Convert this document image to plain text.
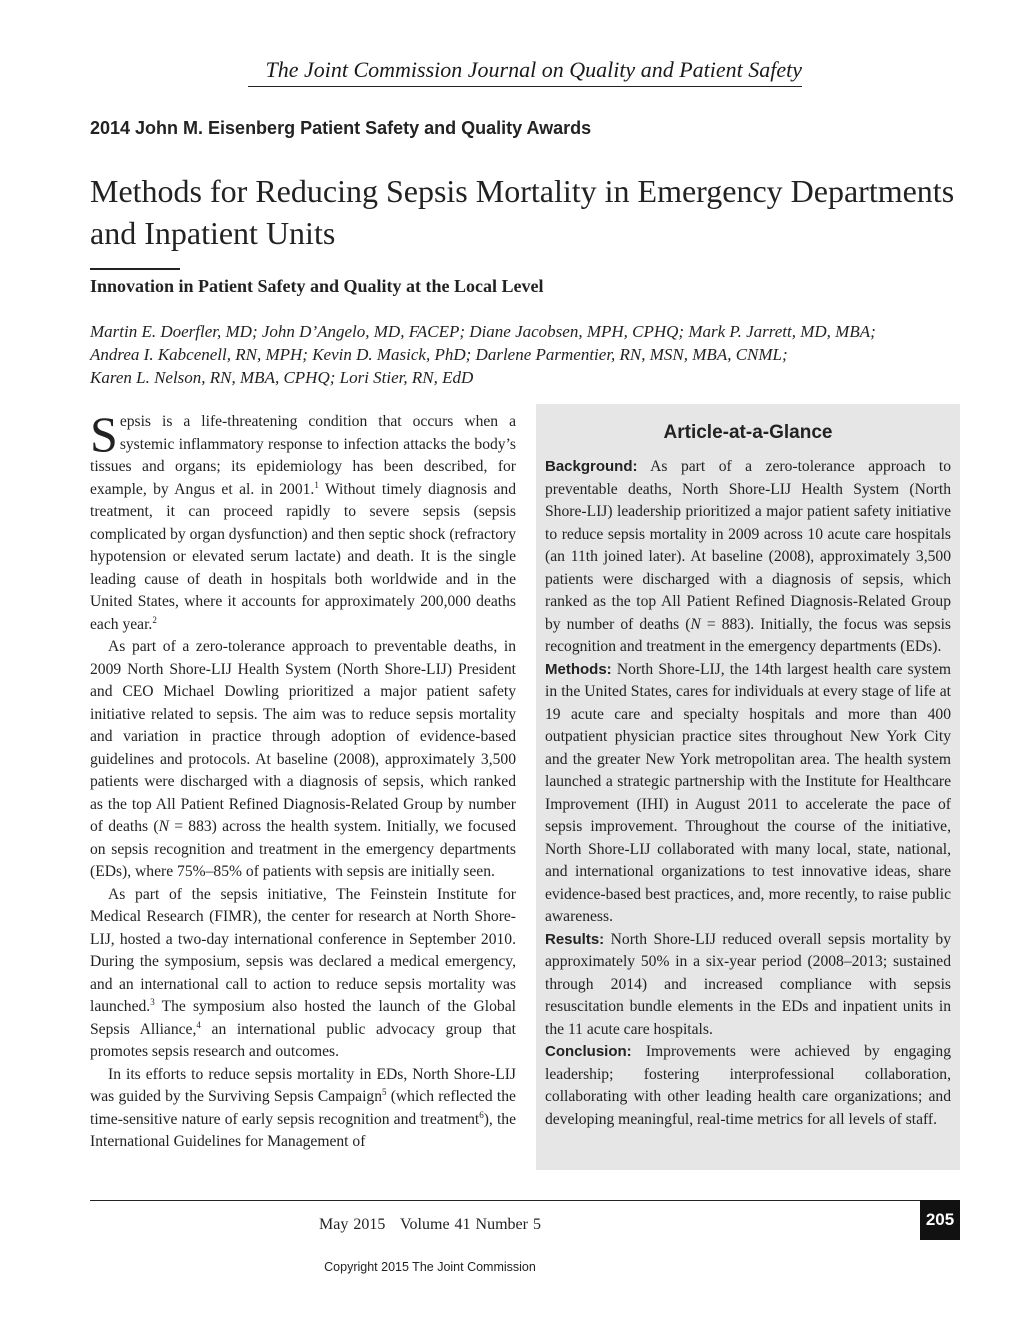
The Joint Commission Journal on Quality and Patient Safety
2014 John M. Eisenberg Patient Safety and Quality Awards
Methods for Reducing Sepsis Mortality in Emergency Departments and Inpatient Units
Innovation in Patient Safety and Quality at the Local Level
Martin E. Doerfler, MD; John D’Angelo, MD, FACEP; Diane Jacobsen, MPH, CPHQ; Mark P. Jarrett, MD, MBA;
Andrea I. Kabcenell, RN, MPH; Kevin D. Masick, PhD; Darlene Parmentier, RN, MSN, MBA, CNML;
Karen L. Nelson, RN, MBA, CPHQ; Lori Stier, RN, EdD

Sepsis is a life-threatening condition that occurs when a systemic inflammatory response to infection attacks the body’s tissues and organs; its epidemiology has been described, for example, by Angus et al. in 2001.$^1$ Without timely diagnosis and treatment, it can proceed rapidly to severe sepsis (sepsis complicated by organ dysfunction) and then septic shock (refractory hypotension or elevated serum lactate) and death. It is the single leading cause of death in hospitals both worldwide and in the United States, where it accounts for approximately 200,000 deaths each year.$^2$

As part of a zero-tolerance approach to preventable deaths, in 2009 North Shore-LIJ Health System (North Shore-LIJ) President and CEO Michael Dowling prioritized a major patient safety initiative related to sepsis. The aim was to reduce sepsis mortality and variation in practice through adoption of evidence-based guidelines and protocols. At baseline (2008), approximately 3,500 patients were discharged with a diagnosis of sepsis, which ranked as the top All Patient Refined Diagnosis-Related Group by number of deaths (N = 883) across the health system. Initially, we focused on sepsis recognition and treatment in the emergency departments (EDs), where 75%–85% of patients with sepsis are initially seen.

As part of the sepsis initiative, The Feinstein Institute for Medical Research (FIMR), the center for research at North Shore-LIJ, hosted a two-day international conference in September 2010. During the symposium, sepsis was declared a medical emergency, and an international call to action to reduce sepsis mortality was launched.$^3$ The symposium also hosted the launch of the Global Sepsis Alliance,$^4$ an international public advocacy group that promotes sepsis research and outcomes.

In its efforts to reduce sepsis mortality in EDs, North Shore-LIJ was guided by the Surviving Sepsis Campaign$^5$ (which reflected the time-sensitive nature of early sepsis recognition and treatment$^6$), the International Guidelines for Management of

Article-at-a-Glance

Background: As part of a zero-tolerance approach to preventable deaths, North Shore-LIJ Health System (North Shore-LIJ) leadership prioritized a major patient safety initiative to reduce sepsis mortality in 2009 across 10 acute care hospitals (an 11th joined later). At baseline (2008), approximately 3,500 patients were discharged with a diagnosis of sepsis, which ranked as the top All Patient Refined Diagnosis-Related Group by number of deaths (N = 883). Initially, the focus was sepsis recognition and treatment in the emergency departments (EDs).

Methods: North Shore-LIJ, the 14th largest health care system in the United States, cares for individuals at every stage of life at 19 acute care and specialty hospitals and more than 400 outpatient physician practice sites throughout New York City and the greater New York metropolitan area. The health system launched a strategic partnership with the Institute for Healthcare Improvement (IHI) in August 2011 to accelerate the pace of sepsis improvement. Throughout the course of the initiative, North Shore-LIJ collaborated with many local, state, national, and international organizations to test innovative ideas, share evidence-based best practices, and, more recently, to raise public awareness.

Results: North Shore-LIJ reduced overall sepsis mortality by approximately 50% in a six-year period (2008–2013; sustained through 2014) and increased compliance with sepsis resuscitation bundle elements in the EDs and inpatient units in the 11 acute care hospitals.

Conclusion: Improvements were achieved by engaging leadership; fostering interprofessional collaboration, collaborating with other leading health care organizations; and developing meaningful, real-time metrics for all levels of staff.

May 2015   Volume 41 Number 5	205
Copyright 2015 The Joint Commission
